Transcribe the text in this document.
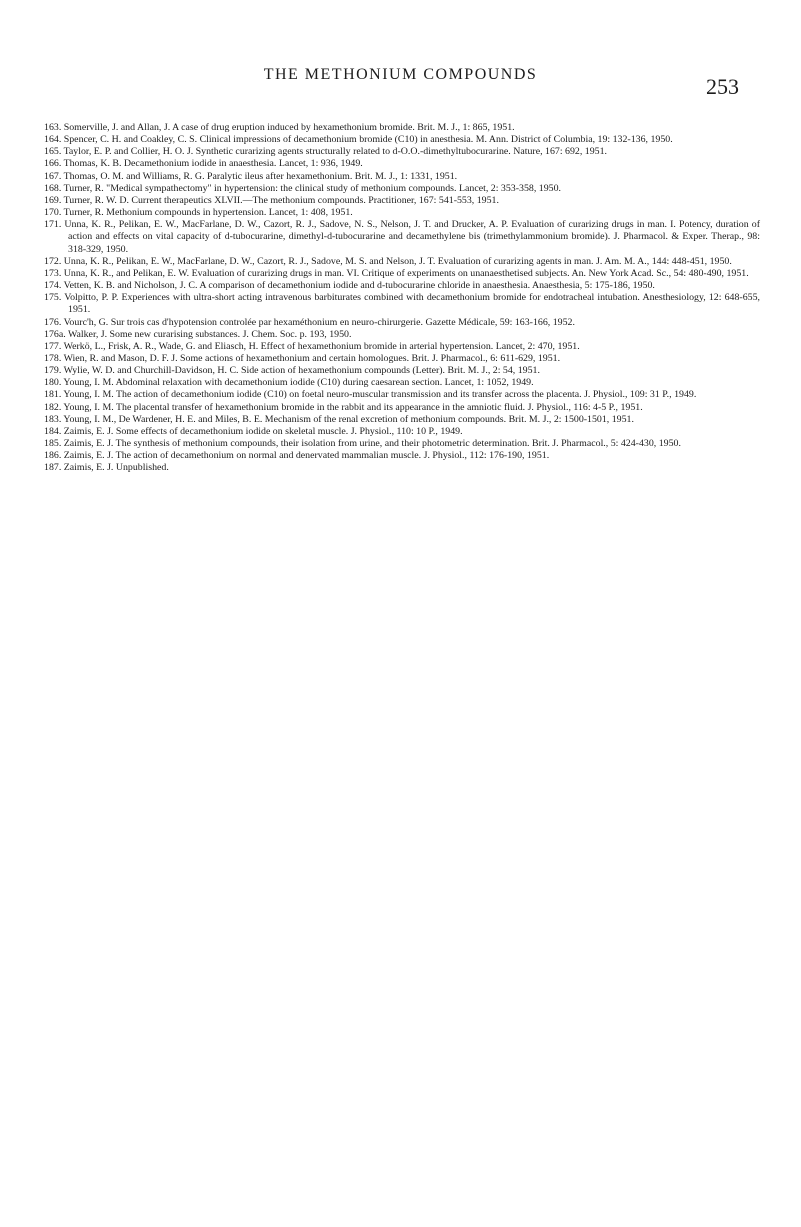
THE METHONIUM COMPOUNDS	253

163. Somerville, J. and Allan, J. A case of drug eruption induced by hexamethonium bromide. Brit. M. J., 1: 865, 1951.

164. Spencer, C. H. and Coakley, C. S. Clinical impressions of decamethonium bromide (C10) in anesthesia. M. Ann. District of Columbia, 19: 132-136, 1950.

165. Taylor, E. P. and Collier, H. O. J. Synthetic curarizing agents structurally related to d-O.O.-dimethyltubocurarine. Nature, 167: 692, 1951.

166. Thomas, K. B. Decamethonium iodide in anaesthesia. Lancet, 1: 936, 1949.

167. Thomas, O. M. and Williams, R. G. Paralytic ileus after hexamethonium. Brit. M. J., 1: 1331, 1951.

168. Turner, R. "Medical sympathectomy" in hypertension: the clinical study of methonium compounds. Lancet, 2: 353-358, 1950.

169. Turner, R. W. D. Current therapeutics XLVII.—The methonium compounds. Practitioner, 167: 541-553, 1951.

170. Turner, R. Methonium compounds in hypertension. Lancet, 1: 408, 1951.

171. Unna, K. R., Pelikan, E. W., MacFarlane, D. W., Cazort, R. J., Sadove, N. S., Nelson, J. T. and Drucker, A. P. Evaluation of curarizing drugs in man. I. Potency, duration of action and effects on vital capacity of d-tubocurarine, dimethyl-d-tubocurarine and decamethylene bis (trimethylammonium bromide). J. Pharmacol. & Exper. Therap., 98: 318-329, 1950.

172. Unna, K. R., Pelikan, E. W., MacFarlane, D. W., Cazort, R. J., Sadove, M. S. and Nelson, J. T. Evaluation of curarizing agents in man. J. Am. M. A., 144: 448-451, 1950.

173. Unna, K. R., and Pelikan, E. W. Evaluation of curarizing drugs in man. VI. Critique of experiments on unanaesthetised subjects. An. New York Acad. Sc., 54: 480-490, 1951.

174. Vetten, K. B. and Nicholson, J. C. A comparison of decamethonium iodide and d-tubocurarine chloride in anaesthesia. Anaesthesia, 5: 175-186, 1950.

175. Volpitto, P. P. Experiences with ultra-short acting intravenous barbiturates combined with decamethonium bromide for endotracheal intubation. Anesthesiology, 12: 648-655, 1951.

176. Vourc'h, G. Sur trois cas d'hypotension controlée par hexaméthonium en neuro-chirurgerie. Gazette Médicale, 59: 163-166, 1952.

176a. Walker, J. Some new curarising substances. J. Chem. Soc. p. 193, 1950.

177. Werkö, L., Frisk, A. R., Wade, G. and Eliasch, H. Effect of hexamethonium bromide in arterial hypertension. Lancet, 2: 470, 1951.

178. Wien, R. and Mason, D. F. J. Some actions of hexamethonium and certain homologues. Brit. J. Pharmacol., 6: 611-629, 1951.

179. Wylie, W. D. and Churchill-Davidson, H. C. Side action of hexamethonium compounds (Letter). Brit. M. J., 2: 54, 1951.

180. Young, I. M. Abdominal relaxation with decamethonium iodide (C10) during caesarean section. Lancet, 1: 1052, 1949.

181. Young, I. M. The action of decamethonium iodide (C10) on foetal neuro-muscular transmission and its transfer across the placenta. J. Physiol., 109: 31 P., 1949.

182. Young, I. M. The placental transfer of hexamethonium bromide in the rabbit and its appearance in the amniotic fluid. J. Physiol., 116: 4-5 P., 1951.

183. Young, I. M., De Wardener, H. E. and Miles, B. E. Mechanism of the renal excretion of methonium compounds. Brit. M. J., 2: 1500-1501, 1951.

184. Zaimis, E. J. Some effects of decamethonium iodide on skeletal muscle. J. Physiol., 110: 10 P., 1949.

185. Zaimis, E. J. The synthesis of methonium compounds, their isolation from urine, and their photometric determination. Brit. J. Pharmacol., 5: 424-430, 1950.

186. Zaimis, E. J. The action of decamethonium on normal and denervated mammalian muscle. J. Physiol., 112: 176-190, 1951.

187. Zaimis, E. J. Unpublished.
